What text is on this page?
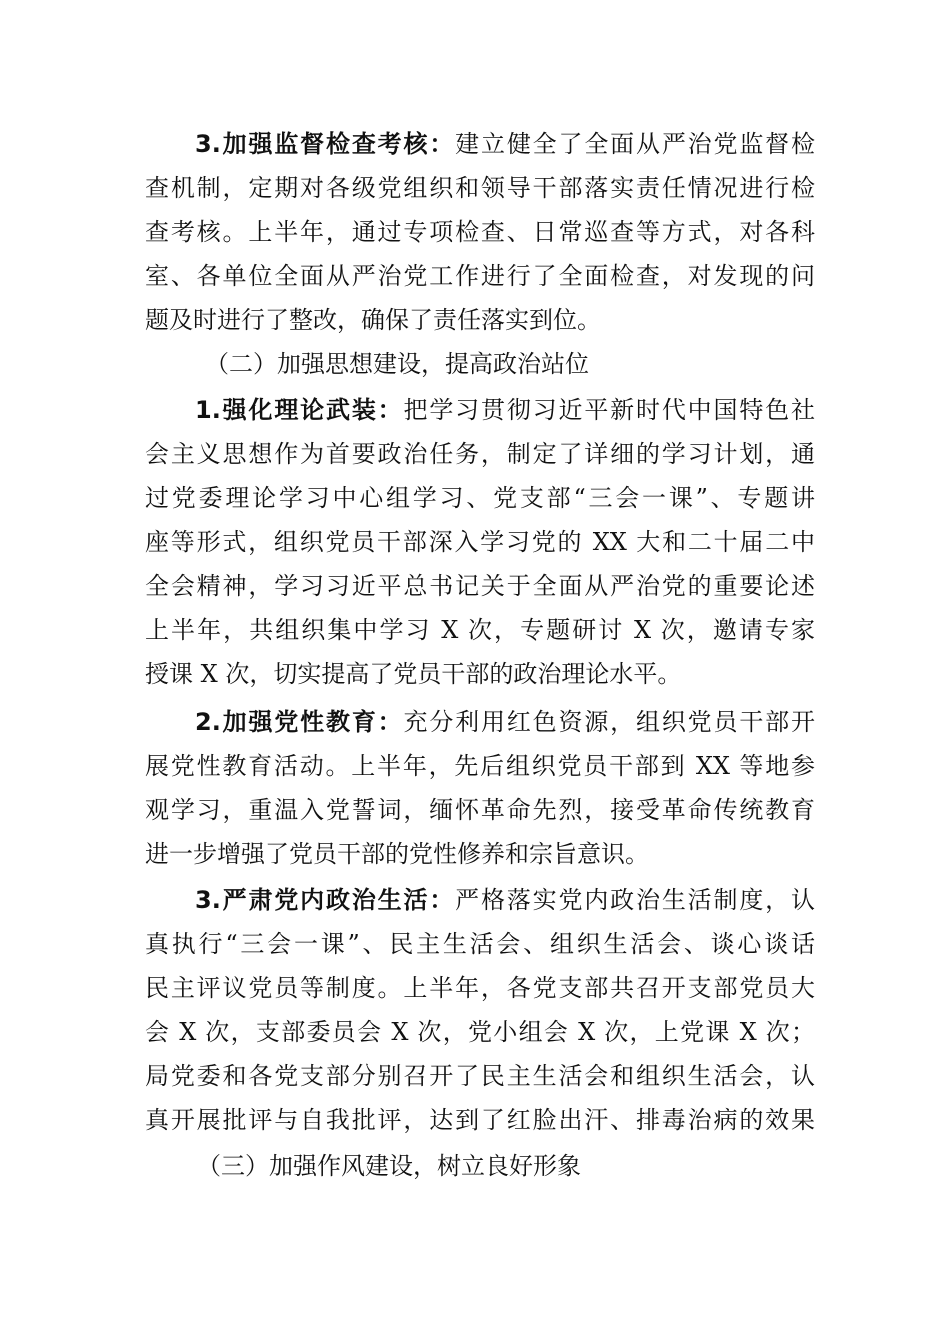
3.加强监督检查考核：建立健全了全面从严治党监督检
查机制，定期对各级党组织和领导干部落实责任情况进行检
查考核。上半年，通过专项检查、日常巡查等方式，对各科
室、各单位全面从严治党工作进行了全面检查，对发现的问
题及时进行了整改，确保了责任落实到位。
（二）加强思想建设，提高政治站位
1.强化理论武装：把学习贯彻习近平新时代中国特色社
会主义思想作为首要政治任务，制定了详细的学习计划，通
过党委理论学习中心组学习、党支部“三会一课”、专题讲
座等形式，组织党员干部深入学习党的 XX 大和二十届二中
全会精神，学习习近平总书记关于全面从严治党的重要论述
上半年，共组织集中学习 X 次，专题研讨 X 次，邀请专家
授课 X 次，切实提高了党员干部的政治理论水平。
2.加强党性教育：充分利用红色资源，组织党员干部开
展党性教育活动。上半年，先后组织党员干部到 XX 等地参
观学习，重温入党誓词，缅怀革命先烈，接受革命传统教育
进一步增强了党员干部的党性修养和宗旨意识。
3.严肃党内政治生活：严格落实党内政治生活制度，认
真执行“三会一课”、民主生活会、组织生活会、谈心谈话
民主评议党员等制度。上半年，各党支部共召开支部党员大
会 X 次，支部委员会 X 次，党小组会 X 次，上党课 X 次；
局党委和各党支部分别召开了民主生活会和组织生活会，认
真开展批评与自我批评，达到了红脸出汗、排毒治病的效果
（三）加强作风建设，树立良好形象
